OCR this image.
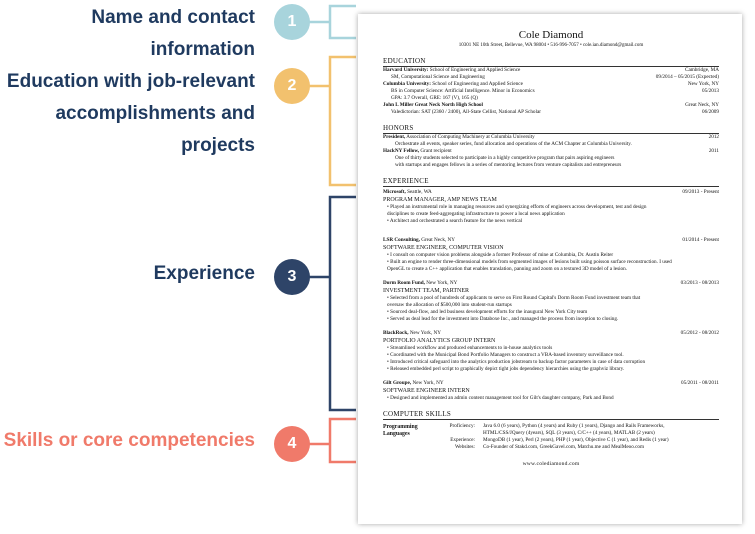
Name and contact
information
1
Education with job-relevant
accomplishments and projects
2
Experience	3
Skills or core competencies	4
Cole Diamond
10301 NE 10th Street, Bellevue, WA 98004 • 516-996-7057 • cole.ian.diamond@gmail.com
EDUCATION
Harvard University: School of Engineering and Applied Science	Cambridge, MA
SM, Computational Science and Engineering	09/2014 – 05/2015 (Expected)
Columbia University: School of Engineering and Applied Science	New York, NY
BS in Computer Science: Artificial Intelligence. Minor in Economics	05/2013
GPA: 3.7 Overall, GRE: 167 (V), 165 (Q)
John L Miller Great Neck North High School	Great Neck, NY
Valedictorian: SAT (2360 / 2400), All-State Cellist, National AP Scholar	06/2009
HONORS
President, Association of Computing Machinery at Columbia University	2012
Orchestrate all events, speaker series, fund allocation and operations of the ACM Chapter at Columbia University.
HackNY Fellow, Grant recipient	2011
One of thirty students selected to participate in a highly competitive program that pairs aspiring engineers
with startups and engages fellows in a series of mentoring lectures from venture capitalists and entrepreneurs
EXPERIENCE
Microsoft, Seattle, WA	09/2013 - Present
PROGRAM MANAGER, AMP NEWS TEAM
• Played an instrumental role in managing resources and synergizing efforts of engineers across development, test and design
disciplines to create feed-aggregating infrastructure to power a local news application
• Architect and orchestrated a search feature for the news vertical
LSR Consulting, Great Neck, NY	01/2014 - Present
SOFTWARE ENGINEER, COMPUTER VISION
• I consult on computer vision problems alongside a former Professor of mine at Columbia, Dr. Austin Reiter
• Built an engine to render three-dimensional models from segmented images of lesions built using poisson surface reconstruction. I used
OpenGL to create a C++ application that enables translation, panning and zoom on a textured 3D model of a lesion.
Dorm Room Fund, New York, NY	03/2013 - 08/2013
INVESTMENT TEAM, PARTNER
• Selected from a pool of hundreds of applicants to serve on First Round Capital's Dorm Room Fund investment team that
oversaw the allocation of $500,000 into student-run startups
• Sourced deal-flow, and led business development efforts for the inaugural New York City team
• Served as deal lead for the investment into Databoxe Inc., and managed the process from inception to closing.
BlackRock, New York, NY	05/2012 - 08/2012
PORTFOLIO ANALYTICS GROUP INTERN
• Streamlined workflow and produced enhancements to in-house analytics tools
• Coordinated with the Municipal Bond Portfolio Managers to construct a VBA-based inventory surveillance tool.
• Introduced critical safeguard into the analytics production jobstream to backup factor parameters in case of data corruption
• Released embedded perl script to graphically depict tight jobs dependency hierarchies using the graphviz library.
Gilt Groupe, New York, NY	05/2011 - 08/2011
SOFTWARE ENGINEER INTERN
• Designed and implemented an admin content management tool for Gilt's daughter company, Park and Bond
COMPUTER SKILLS
Programming Languages
Proficiency:	Java 6.0 (6 years), Python (4 years) and Ruby (1 years), Django and Rails Frameworks,
HTML/CSS/JQuery (4years), SQL (3 years), C/C++ (4 years), MATLAB (2 years)
Experience:	MongoDB (1 year), Perl (2 years), PHP (1 year), Objective C (1 year), and Redis (1 year)
Websites:	Co-Founder of Stakd.com, GreekGavel.com, Matchu.me and MealMeoo.com
www.colediamond.com
